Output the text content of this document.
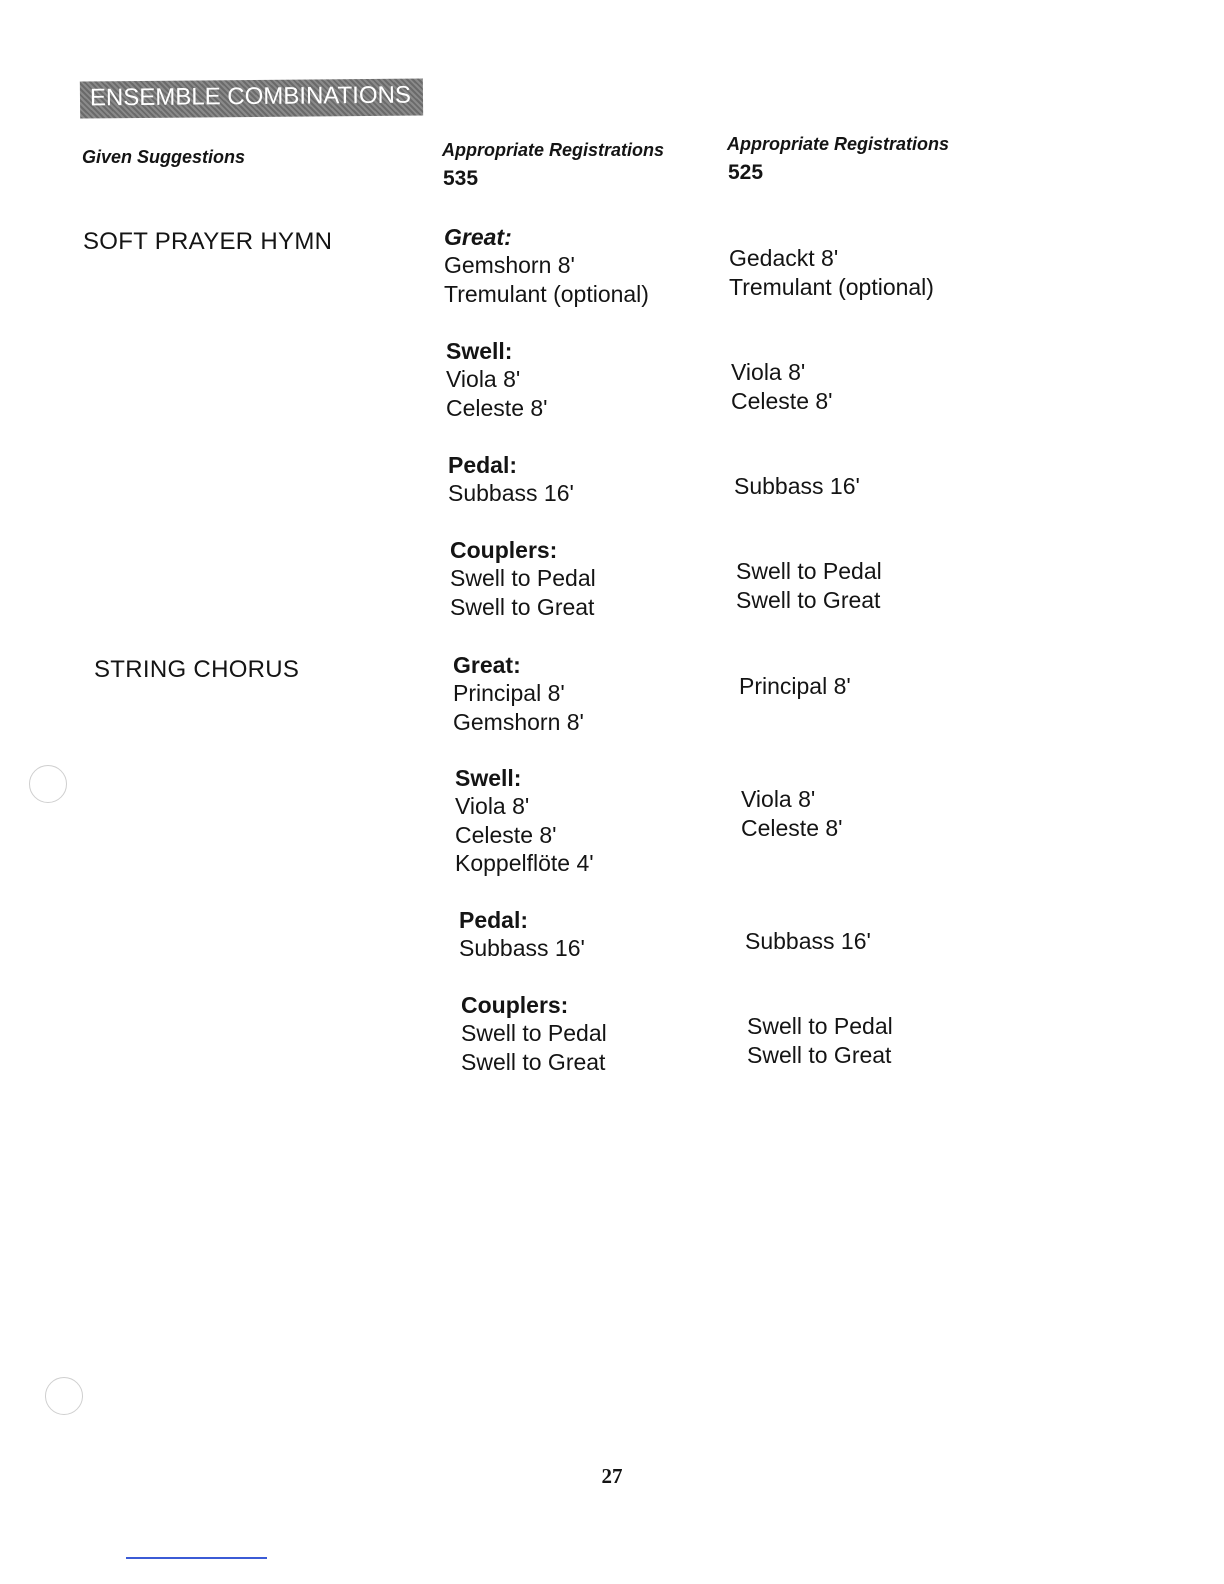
ENSEMBLE COMBINATIONS
Given Suggestions	Appropriate Registrations
535
Appropriate Registrations
525
SOFT PRAYER HYMN
STRING CHORUS
Great:
Gemshorn 8'
Tremulant (optional)
Swell:
Viola 8'
Celeste 8'
Pedal:
Subbass 16'
Couplers:
Swell to Pedal
Swell to Great
Gedackt 8'
Tremulant (optional)
Viola 8'
Celeste 8'
Subbass 16'
Swell to Pedal
Swell to Great
Great:
Principal 8'
Gemshorn 8'
Swell:
Viola 8'
Celeste 8'
Koppelflöte 4'
Pedal:
Subbass 16'
Couplers:
Swell to Pedal
Swell to Great
Principal 8'
Viola 8'
Celeste 8'
Subbass 16'
Swell to Pedal
Swell to Great
27
